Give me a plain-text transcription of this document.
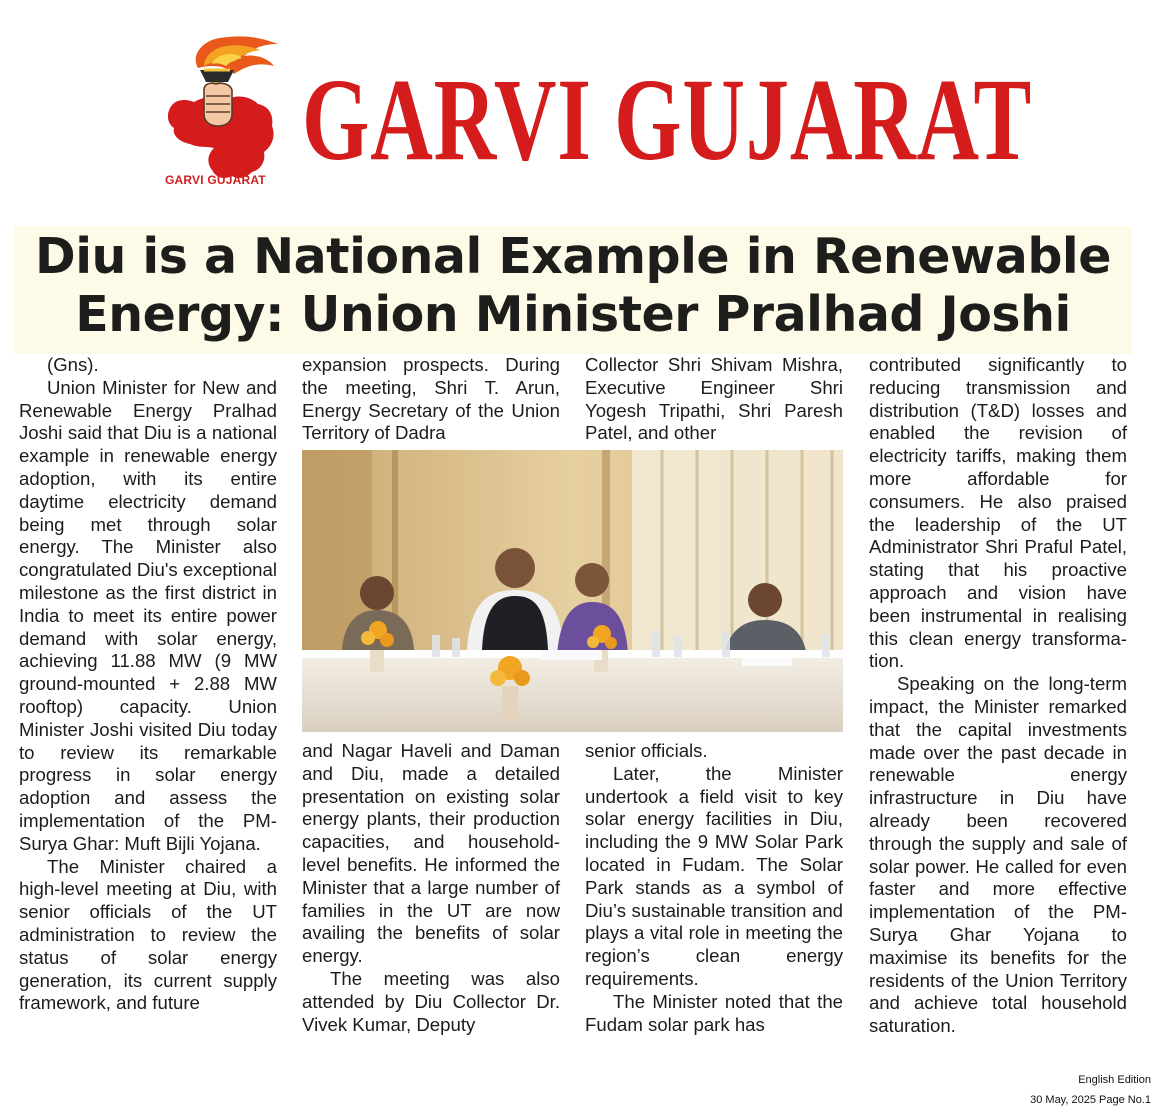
GARVI GUJARAT GARVI GUJARAT
Diu is a National Example in Renewable Energy: Union Minister Pralhad Joshi

(Gns).

Union Minister for New and Renewable Energy Pralhad Joshi said that Diu is a national example in renewable energy adoption, with its entire daytime electricity demand being met through solar energy. The Minister also congratulated Diu's exceptional milestone as the first district in India to meet its entire power demand with solar energy, achieving 11.88 MW (9 MW ground-mounted + 2.88 MW rooftop) capacity. Union Minister Joshi visited Diu today to review its remarkable progress in solar energy adoption and assess the implementation of the PM-Surya Ghar: Muft Bijli Yojana.

The Minister chaired a high-level meeting at Diu, with senior officials of the UT administration to review the status of solar energy generation, its current supply framework, and future

expansion prospects. During the meeting, Shri T. Arun, Energy Secretary of the Union Territory of Dadra

and Nagar Haveli and Daman and Diu, made a detailed presentation on existing solar energy plants, their production capacities, and household-level benefits. He informed the Minister that a large number of families in the UT are now availing the benefits of solar energy.

The meeting was also attended by Diu Collector Dr. Vivek Kumar, Deputy

Collector Shri Shivam Mishra, Executive Engineer Shri Yogesh Tripathi, Shri Paresh Patel, and other

senior officials.

Later, the Minister undertook a field visit to key solar energy facilities in Diu, including the 9 MW Solar Park located in Fudam. The Solar Park stands as a symbol of Diu’s sustainable transition and plays a vital role in meeting the region’s clean energy requirements.

The Minister noted that the Fudam solar park has

contributed significantly to reducing transmission and distribution (T&D) losses and enabled the revision of electricity tariffs, making them more affordable for consumers. He also praised the leadership of the UT Administrator Shri Praful Patel, stating that his proactive approach and vision have been instrumental in realising this clean energy transformation.

Speaking on the long-term impact, the Minister remarked that the capital investments made over the past decade in renewable energy infrastructure in Diu have already been recovered through the supply and sale of solar power. He called for even faster and more effective implementation of the PM-Surya Ghar Yojana to maximise its benefits for the residents of the Union Territory and achieve total household saturation.

English Edition
30 May, 2025 Page No.1
